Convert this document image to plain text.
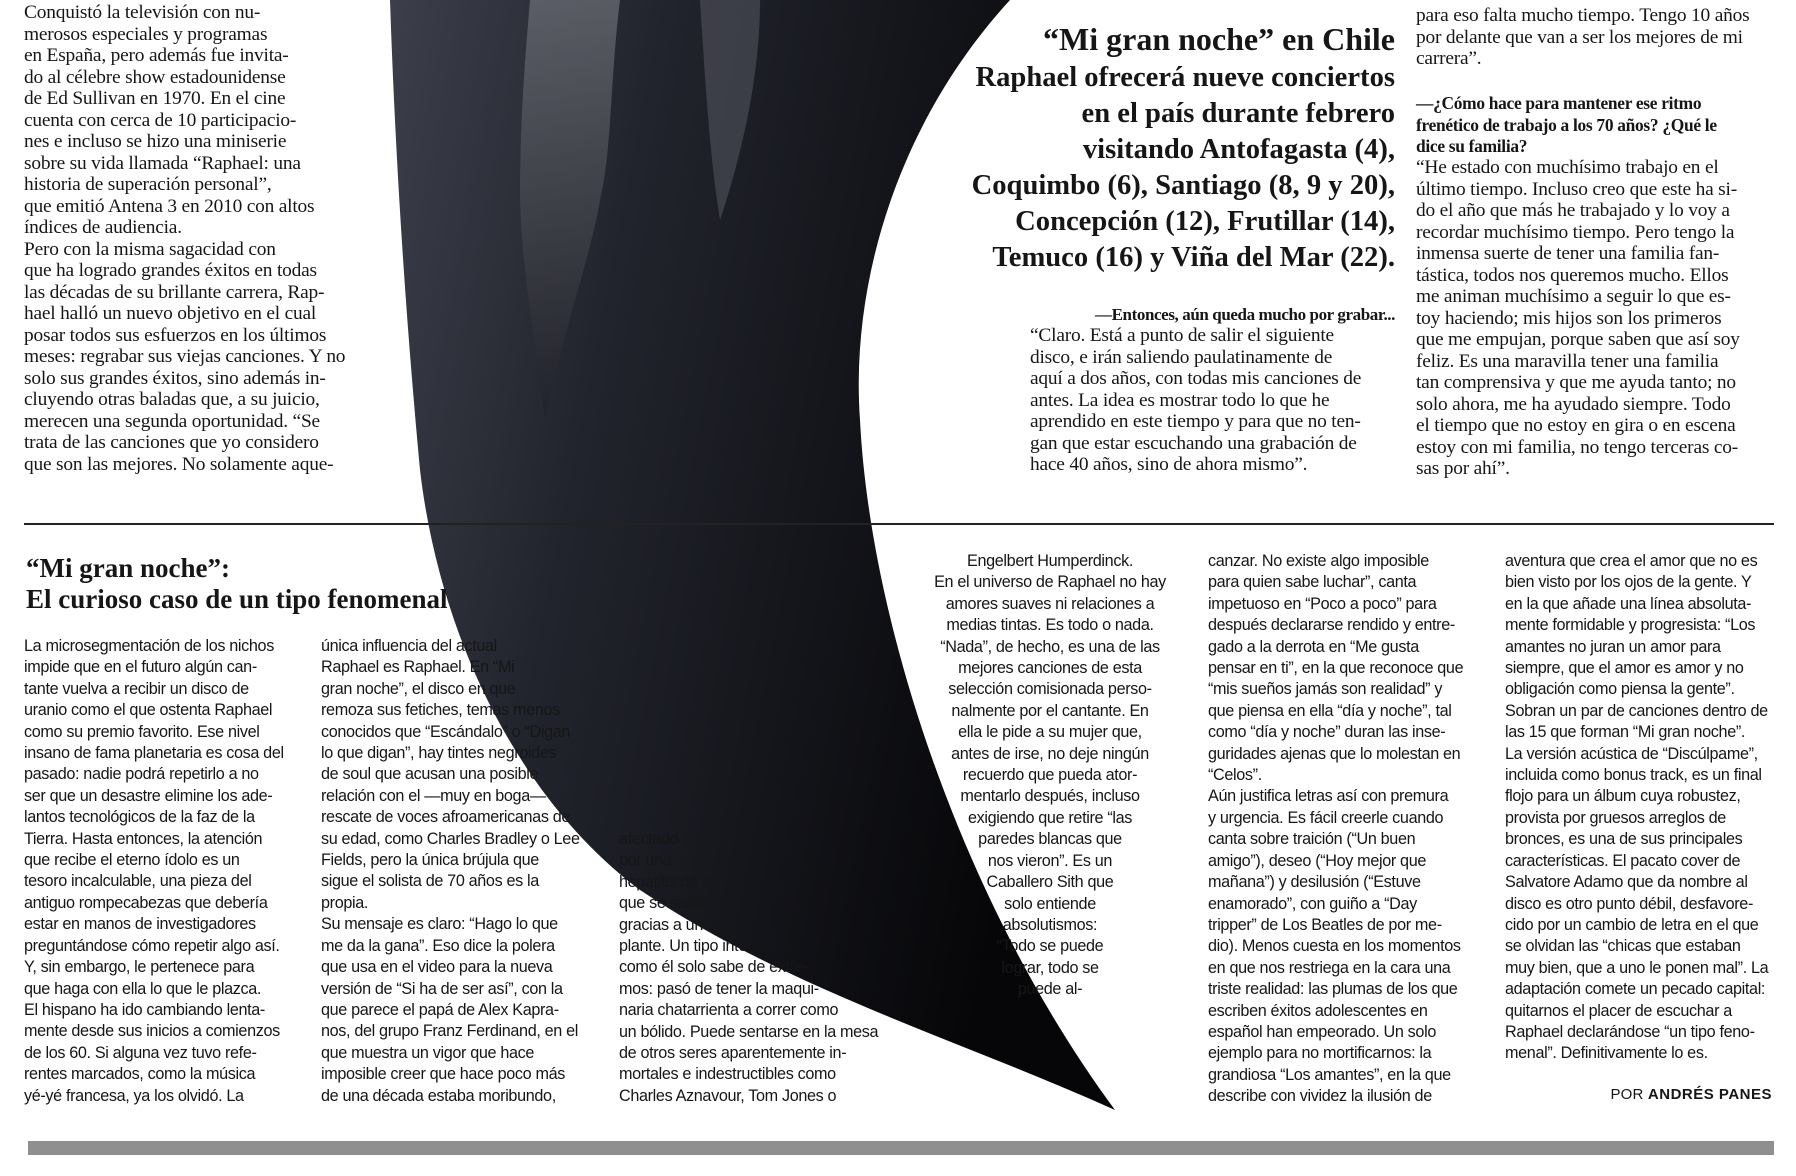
Conquistó la televisión con nu-
merosos especiales y programas
en España, pero además fue invita-
do al célebre show estadounidense
de Ed Sullivan en 1970. En el cine
cuenta con cerca de 10 participacio-
nes e incluso se hizo una miniserie
sobre su vida llamada “Raphael: una
historia de superación personal”,
que emitió Antena 3 en 2010 con altos
índices de audiencia.
Pero con la misma sagacidad con
que ha logrado grandes éxitos en todas
las décadas de su brillante carrera, Rap-
hael halló un nuevo objetivo en el cual
posar todos sus esfuerzos en los últimos
meses: regrabar sus viejas canciones. Y no
solo sus grandes éxitos, sino además in-
cluyendo otras baladas que, a su juicio,
merecen una segunda oportunidad. “Se
trata de las canciones que yo considero
que son las mejores. No solamente aque-
“Mi gran noche” en Chile
Raphael ofrecerá nueve conciertos
en el país durante febrero
visitando Antofagasta (4),
Coquimbo (6), Santiago (8, 9 y 20),
Concepción (12), Frutillar (14),
Temuco (16) y Viña del Mar (22).
—Entonces, aún queda mucho por grabar...
“Claro. Está a punto de salir el siguiente
disco, e irán saliendo paulatinamente de
aquí a dos años, con todas mis canciones de
antes. La idea es mostrar todo lo que he
aprendido en este tiempo y para que no ten-
gan que estar escuchando una grabación de
hace 40 años, sino de ahora mismo”.
para eso falta mucho tiempo. Tengo 10 años
por delante que van a ser los mejores de mi
carrera”.
—¿Cómo hace para mantener ese ritmo
frenético de trabajo a los 70 años? ¿Qué le
dice su familia?
“He estado con muchísimo trabajo en el
último tiempo. Incluso creo que este ha si-
do el año que más he trabajado y lo voy a
recordar muchísimo tiempo. Pero tengo la
inmensa suerte de tener una familia fan-
tástica, todos nos queremos mucho. Ellos
me animan muchísimo a seguir lo que es-
toy haciendo; mis hijos son los primeros
que me empujan, porque saben que así soy
feliz. Es una maravilla tener una familia
tan comprensiva y que me ayuda tanto; no
solo ahora, me ha ayudado siempre. Todo
el tiempo que no estoy en gira o en escena
estoy con mi familia, no tengo terceras co-
sas por ahí”.
“Mi gran noche”:
El curioso caso de un tipo fenomenal
La microsegmentación de los nichos
impide que en el futuro algún can-
tante vuelva a recibir un disco de
uranio como el que ostenta Raphael
como su premio favorito. Ese nivel
insano de fama planetaria es cosa del
pasado: nadie podrá repetirlo a no
ser que un desastre elimine los ade-
lantos tecnológicos de la faz de la
Tierra. Hasta entonces, la atención
que recibe el eterno ídolo es un
tesoro incalculable, una pieza del
antiguo rompecabezas que debería
estar en manos de investigadores
preguntándose cómo repetir algo así.
Y, sin embargo, le pertenece para
que haga con ella lo que le plazca.
El hispano ha ido cambiando lenta-
mente desde sus inicios a comienzos
de los 60. Si alguna vez tuvo refe-
rentes marcados, como la música
yé-yé francesa, ya los olvidó. La
única influencia del actual
Raphael es Raphael. En “Mi
gran noche”, el disco en que
remoza sus fetiches, temas menos
conocidos que “Escándalo” o “Digan
lo que digan”, hay tintes negroides
de soul que acusan una posible
relación con el —muy en boga—
rescate de voces afroamericanas de
su edad, como Charles Bradley o Lee
Fields, pero la única brújula que
sigue el solista de 70 años es la
propia.
Su mensaje es claro: “Hago lo que
me da la gana”. Eso dice la polera
que usa en el video para la nueva
versión de “Si ha de ser así”, con la
que parece el papá de Alex Kapra-
nos, del grupo Franz Ferdinand, en el
que muestra un vigor que hace
imposible creer que hace poco más
de una década estaba moribundo,
afectado
por una
hepatitis de la
que se salvó
gracias a un tras-
plante. Un tipo intenso
como él solo sabe de extre-
mos: pasó de tener la maqui-
naria chatarrienta a correr como
un bólido. Puede sentarse en la mesa
de otros seres aparentemente in-
mortales e indestructibles como
Charles Aznavour, Tom Jones o
Engelbert Humperdinck.
En el universo de Raphael no hay
amores suaves ni relaciones a
medias tintas. Es todo o nada.
“Nada”, de hecho, es una de las
mejores canciones de esta
selección comisionada perso-
nalmente por el cantante. En
ella le pide a su mujer que,
antes de irse, no deje ningún
recuerdo que pueda ator-
mentarlo después, incluso
exigiendo que retire “las
paredes blancas que
nos vieron”. Es un
Caballero Sith que
solo entiende
absolutismos:
“Todo se puede
lograr, todo se
puede al-
canzar. No existe algo imposible
para quien sabe luchar”, canta
impetuoso en “Poco a poco” para
después declararse rendido y entre-
gado a la derrota en “Me gusta
pensar en ti”, en la que reconoce que
“mis sueños jamás son realidad” y
que piensa en ella “día y noche”, tal
como “día y noche” duran las inse-
guridades ajenas que lo molestan en
“Celos”.
Aún justifica letras así con premura
y urgencia. Es fácil creerle cuando
canta sobre traición (“Un buen
amigo”), deseo (“Hoy mejor que
mañana”) y desilusión (“Estuve
enamorado”, con guiño a “Day
tripper” de Los Beatles de por me-
dio). Menos cuesta en los momentos
en que nos restriega en la cara una
triste realidad: las plumas de los que
escriben éxitos adolescentes en
español han empeorado. Un solo
ejemplo para no mortificarnos: la
grandiosa “Los amantes”, en la que
describe con vividez la ilusión de
aventura que crea el amor que no es
bien visto por los ojos de la gente. Y
en la que añade una línea absoluta-
mente formidable y progresista: “Los
amantes no juran un amor para
siempre, que el amor es amor y no
obligación como piensa la gente”.
Sobran un par de canciones dentro de
las 15 que forman “Mi gran noche”.
La versión acústica de “Discúlpame”,
incluida como bonus track, es un final
flojo para un álbum cuya robustez,
provista por gruesos arreglos de
bronces, es una de sus principales
características. El pacato cover de
Salvatore Adamo que da nombre al
disco es otro punto débil, desfavore-
cido por un cambio de letra en el que
se olvidan las “chicas que estaban
muy bien, que a uno le ponen mal”. La
adaptación comete un pecado capital:
quitarnos el placer de escuchar a
Raphael declarándose “un tipo feno-
menal”. Definitivamente lo es.
POR ANDRÉS PANES
